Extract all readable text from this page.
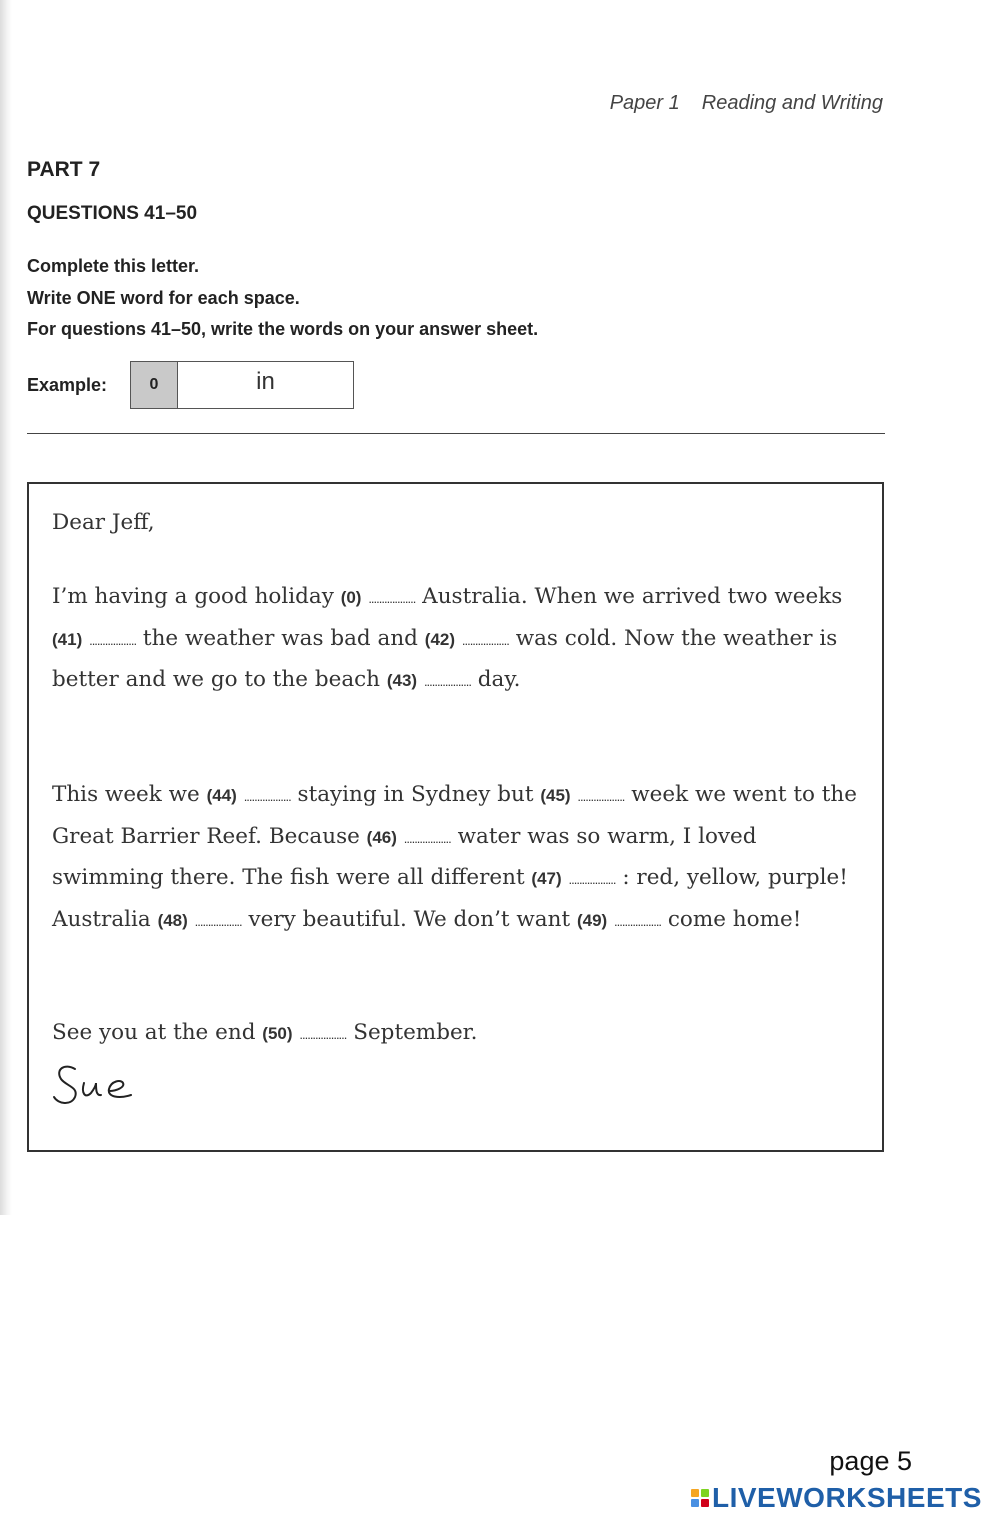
Paper 1 Reading and Writing
PART 7
QUESTIONS 41–50
Complete this letter.
Write ONE word for each space.
For questions 41–50, write the words on your answer sheet.
Example:	0	in

Dear Jeff,

I’m having a good holiday (0) .................. Australia. When we arrived two weeks (41) .................. the weather was bad and (42) .................. was cold. Now the weather is better and we go to the beach (43) .................. day.

This week we (44) .................. staying in Sydney but (45) .................. week we went to the Great Barrier Reef. Because (46) .................. water was so warm, I loved swimming there. The fish were all different (47) .................. : red, yellow, purple! Australia (48) .................. very beautiful. We don’t want (49) .................. come home!

See you at the end (50) .................. September.

page 5
LIVEWORKSHEETS
